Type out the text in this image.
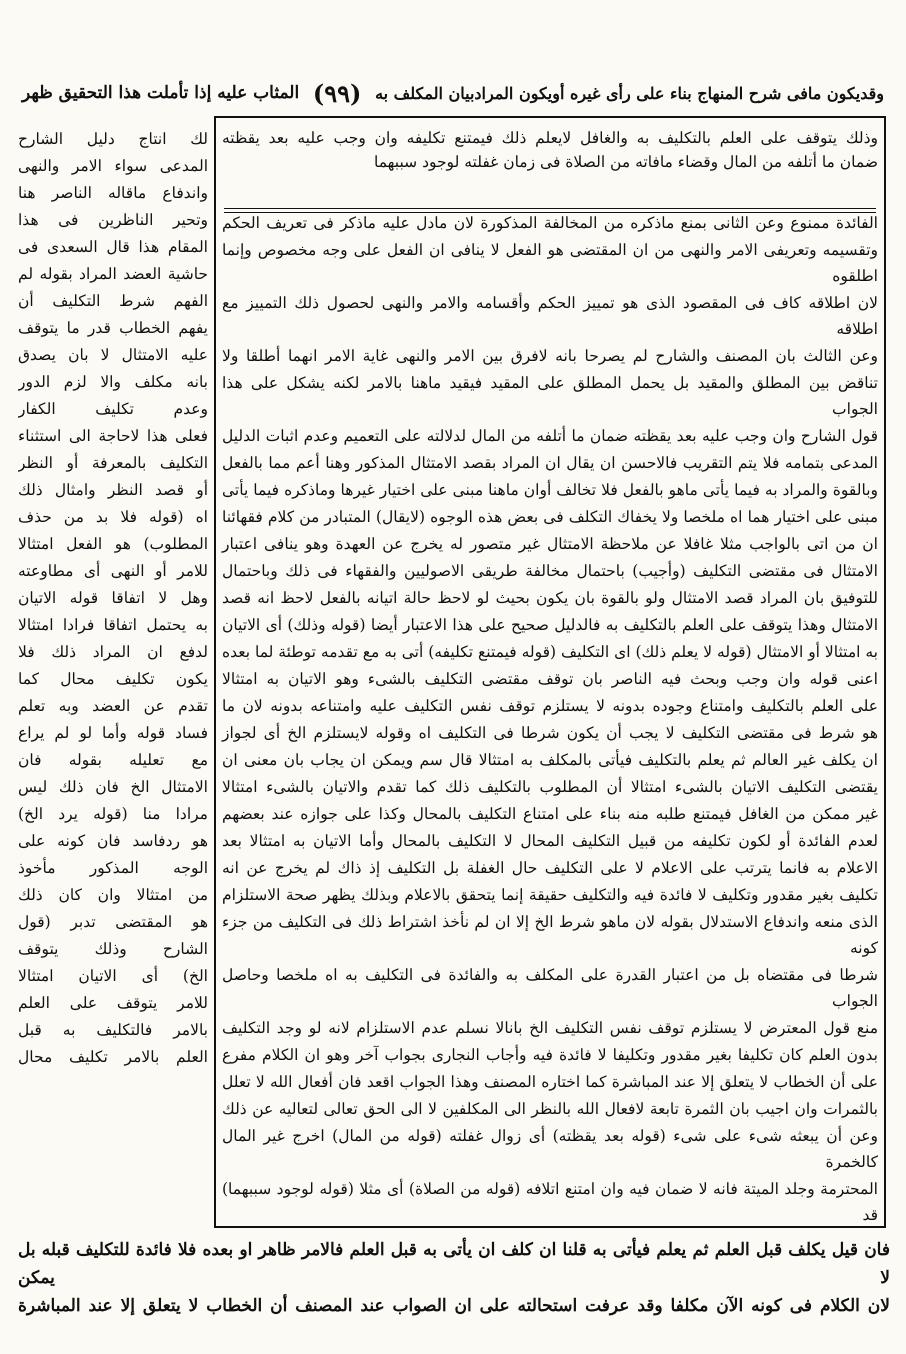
وقديكون مافى شرح المنهاج بناء على رأى غيره أويكون المرادبيان المكلف به
(٩٩)
المثاب عليه إذا تأملت هذا التحقيق ظهر
وذلك يتوقف على العلم بالتكليف به والغافل لايعلم ذلك فيمتنع تكليفه وان وجب عليه بعد يقظته
ضمان ما أتلفه من المال وقضاء مافاته من الصلاة فى زمان غفلته لوجود سببهما

الفائدة ممنوع وعن الثانى بمنع ماذكره من المخالفة المذكورة لان مادل عليه ماذكر فى تعريف الحكم

وتقسيمه وتعريفى الامر والنهى من ان المقتضى هو الفعل لا ينافى ان الفعل على وجه مخصوص وإنما اطلقوه

لان اطلاقه كاف فى المقصود الذى هو تمييز الحكم وأقسامه والامر والنهى لحصول ذلك التمييز مع اطلاقه

وعن الثالث بان المصنف والشارح لم يصرحا بانه لافرق بين الامر والنهى غاية الامر انهما أطلقا ولا

تناقض بين المطلق والمقيد بل يحمل المطلق على المقيد فيقيد ماهنا بالامر لكنه يشكل على هذا الجواب

قول الشارح وان وجب عليه بعد يقظته ضمان ما أتلفه من المال لدلالته على التعميم وعدم اثبات الدليل

المدعى بتمامه فلا يتم التقريب فالاحسن ان يقال ان المراد بقصد الامتثال المذكور وهنا أعم مما بالفعل

وبالقوة والمراد به فيما يأتى ماهو بالفعل فلا تخالف أوان ماهنا مبنى على اختيار غيرها وماذكره فيما يأتى

مبنى على اختيار هما اه ملخصا ولا يخفاك التكلف فى بعض هذه الوجوه (لايقال) المتبادر من كلام فقهائنا

ان من اتى بالواجب مثلا غافلا عن ملاحظة الامتثال غير متصور له يخرج عن العهدة وهو ينافى اعتبار

الامتثال فى مقتضى التكليف (وأجيب) باحتمال مخالفة طريقى الاصوليين والفقهاء فى ذلك وباحتمال

للتوفيق بان المراد قصد الامتثال ولو بالقوة بان يكون بحيث لو لاحظ حالة اتيانه بالفعل لاحظ انه قصد

الامتثال وهذا يتوقف على العلم بالتكليف به فالدليل صحيح على هذا الاعتبار أيضا (قوله وذلك) أى الاتيان

به امتثالا أو الامتثال (قوله لا يعلم ذلك) اى التكليف (قوله فيمتنع تكليفه) أتى به مع تقدمه توطئة لما بعده

اعنى قوله وان وجب وبحث فيه الناصر بان توقف مقتضى التكليف بالشىء وهو الاتيان به امتثالا

على العلم بالتكليف وامتناع وجوده بدونه لا يستلزم توقف نفس التكليف عليه وامتناعه بدونه لان ما

هو شرط فى مقتضى التكليف لا يجب أن يكون شرطا فى التكليف اه وقوله لايستلزم الخ أى لجواز

ان يكلف غير العالم ثم يعلم بالتكليف فيأتى بالمكلف به امتثالا قال سم ويمكن ان يجاب بان معنى ان

يقتضى التكليف الاتيان بالشىء امتثالا أن المطلوب بالتكليف ذلك كما تقدم والاتيان بالشىء امتثالا

غير ممكن من الغافل فيمتنع طلبه منه بناء على امتناع التكليف بالمحال وكذا على جوازه عند بعضهم

لعدم الفائدة أو لكون تكليفه من قبيل التكليف المحال لا التكليف بالمحال وأما الاتيان به امتثالا بعد

الاعلام به فانما يترتب على الاعلام لا على التكليف حال الغفلة بل التكليف إذ ذاك لم يخرج عن انه

تكليف بغير مقدور وتكليف لا فائدة فيه والتكليف حقيقة إنما يتحقق بالاعلام وبذلك يظهر صحة الاستلزام

الذى منعه واندفاع الاستدلال بقوله لان ماهو شرط الخ إلا ان لم نأخذ اشتراط ذلك فى التكليف من جزء كونه

شرطا فى مقتضاه بل من اعتبار القدرة على المكلف به والفائدة فى التكليف به اه ملخصا وحاصل الجواب

منع قول المعترض لا يستلزم توقف نفس التكليف الخ بانالا نسلم عدم الاستلزام لانه لو وجد التكليف

بدون العلم كان تكليفا بغير مقدور وتكليفا لا فائدة فيه وأجاب النجارى بجواب آخر وهو ان الكلام مفرع

على أن الخطاب لا يتعلق إلا عند المباشرة كما اختاره المصنف وهذا الجواب اقعد فان أفعال الله لا تعلل

بالثمرات وان اجيب بان الثمرة تابعة لافعال الله بالنظر الى المكلفين لا الى الحق تعالى لتعاليه عن ذلك

وعن أن يبعثه شىء على شىء (قوله بعد يقظته) أى زوال غفلته (قوله من المال) اخرج غير المال كالخمرة

المحترمة وجلد الميتة فانه لا ضمان فيه وان امتنع اتلافه (قوله من الصلاة) أى مثلا (قوله لوجود سببهما) قد

لك انتاج دليل الشارح

المدعى سواء الامر والنهى

واندفاع ماقاله الناصر هنا

وتحير الناظرين فى هذا

المقام هذا قال السعدى فى

حاشية العضد المراد بقوله لم

الفهم شرط التكليف أن

يفهم الخطاب قدر ما يتوقف

عليه الامتثال لا بان يصدق

بانه مكلف والا لزم الدور

وعدم تكليف الكفار

فعلى هذا لاحاجة الى استثناء

التكليف بالمعرفة أو النظر

أو قصد النظر وامثال ذلك

اه (قوله فلا بد من حذف

المطلوب) هو الفعل امتثالا

للامر أو النهى أى مطاوعته

وهل لا اتفاقا قوله الاتيان

به يحتمل اتفاقا فرادا امتثالا

لدفع ان المراد ذلك فلا

يكون تكليف محال كما

تقدم عن العضد وبه تعلم

فساد قوله وأما لو لم يراع

مع تعليله بقوله فان

الامتثال الخ فان ذلك ليس

مرادا منا (قوله يرد الخ)

هو ردفاسد فان كونه على

الوجه المذكور مأخوذ

من امتثالا وان كان ذلك

هو المقتضى تدبر (قول

الشارح وذلك يتوقف

الخ) أى الاتيان امتثالا

للامر يتوقف على العلم

بالامر فالتكليف به قبل

العلم بالامر تكليف محال

فان قيل يكلف قبل العلم ثم يعلم فيأتى به قلنا ان كلف ان يأتى به قبل العلم فالامر ظاهر او بعده فلا فائدة للتكليف قبله بل لا يمكن

لان الكلام فى كونه الآن مكلفا وقد عرفت استحالته على ان الصواب عند المصنف أن الخطاب لا يتعلق إلا عند المباشرة
